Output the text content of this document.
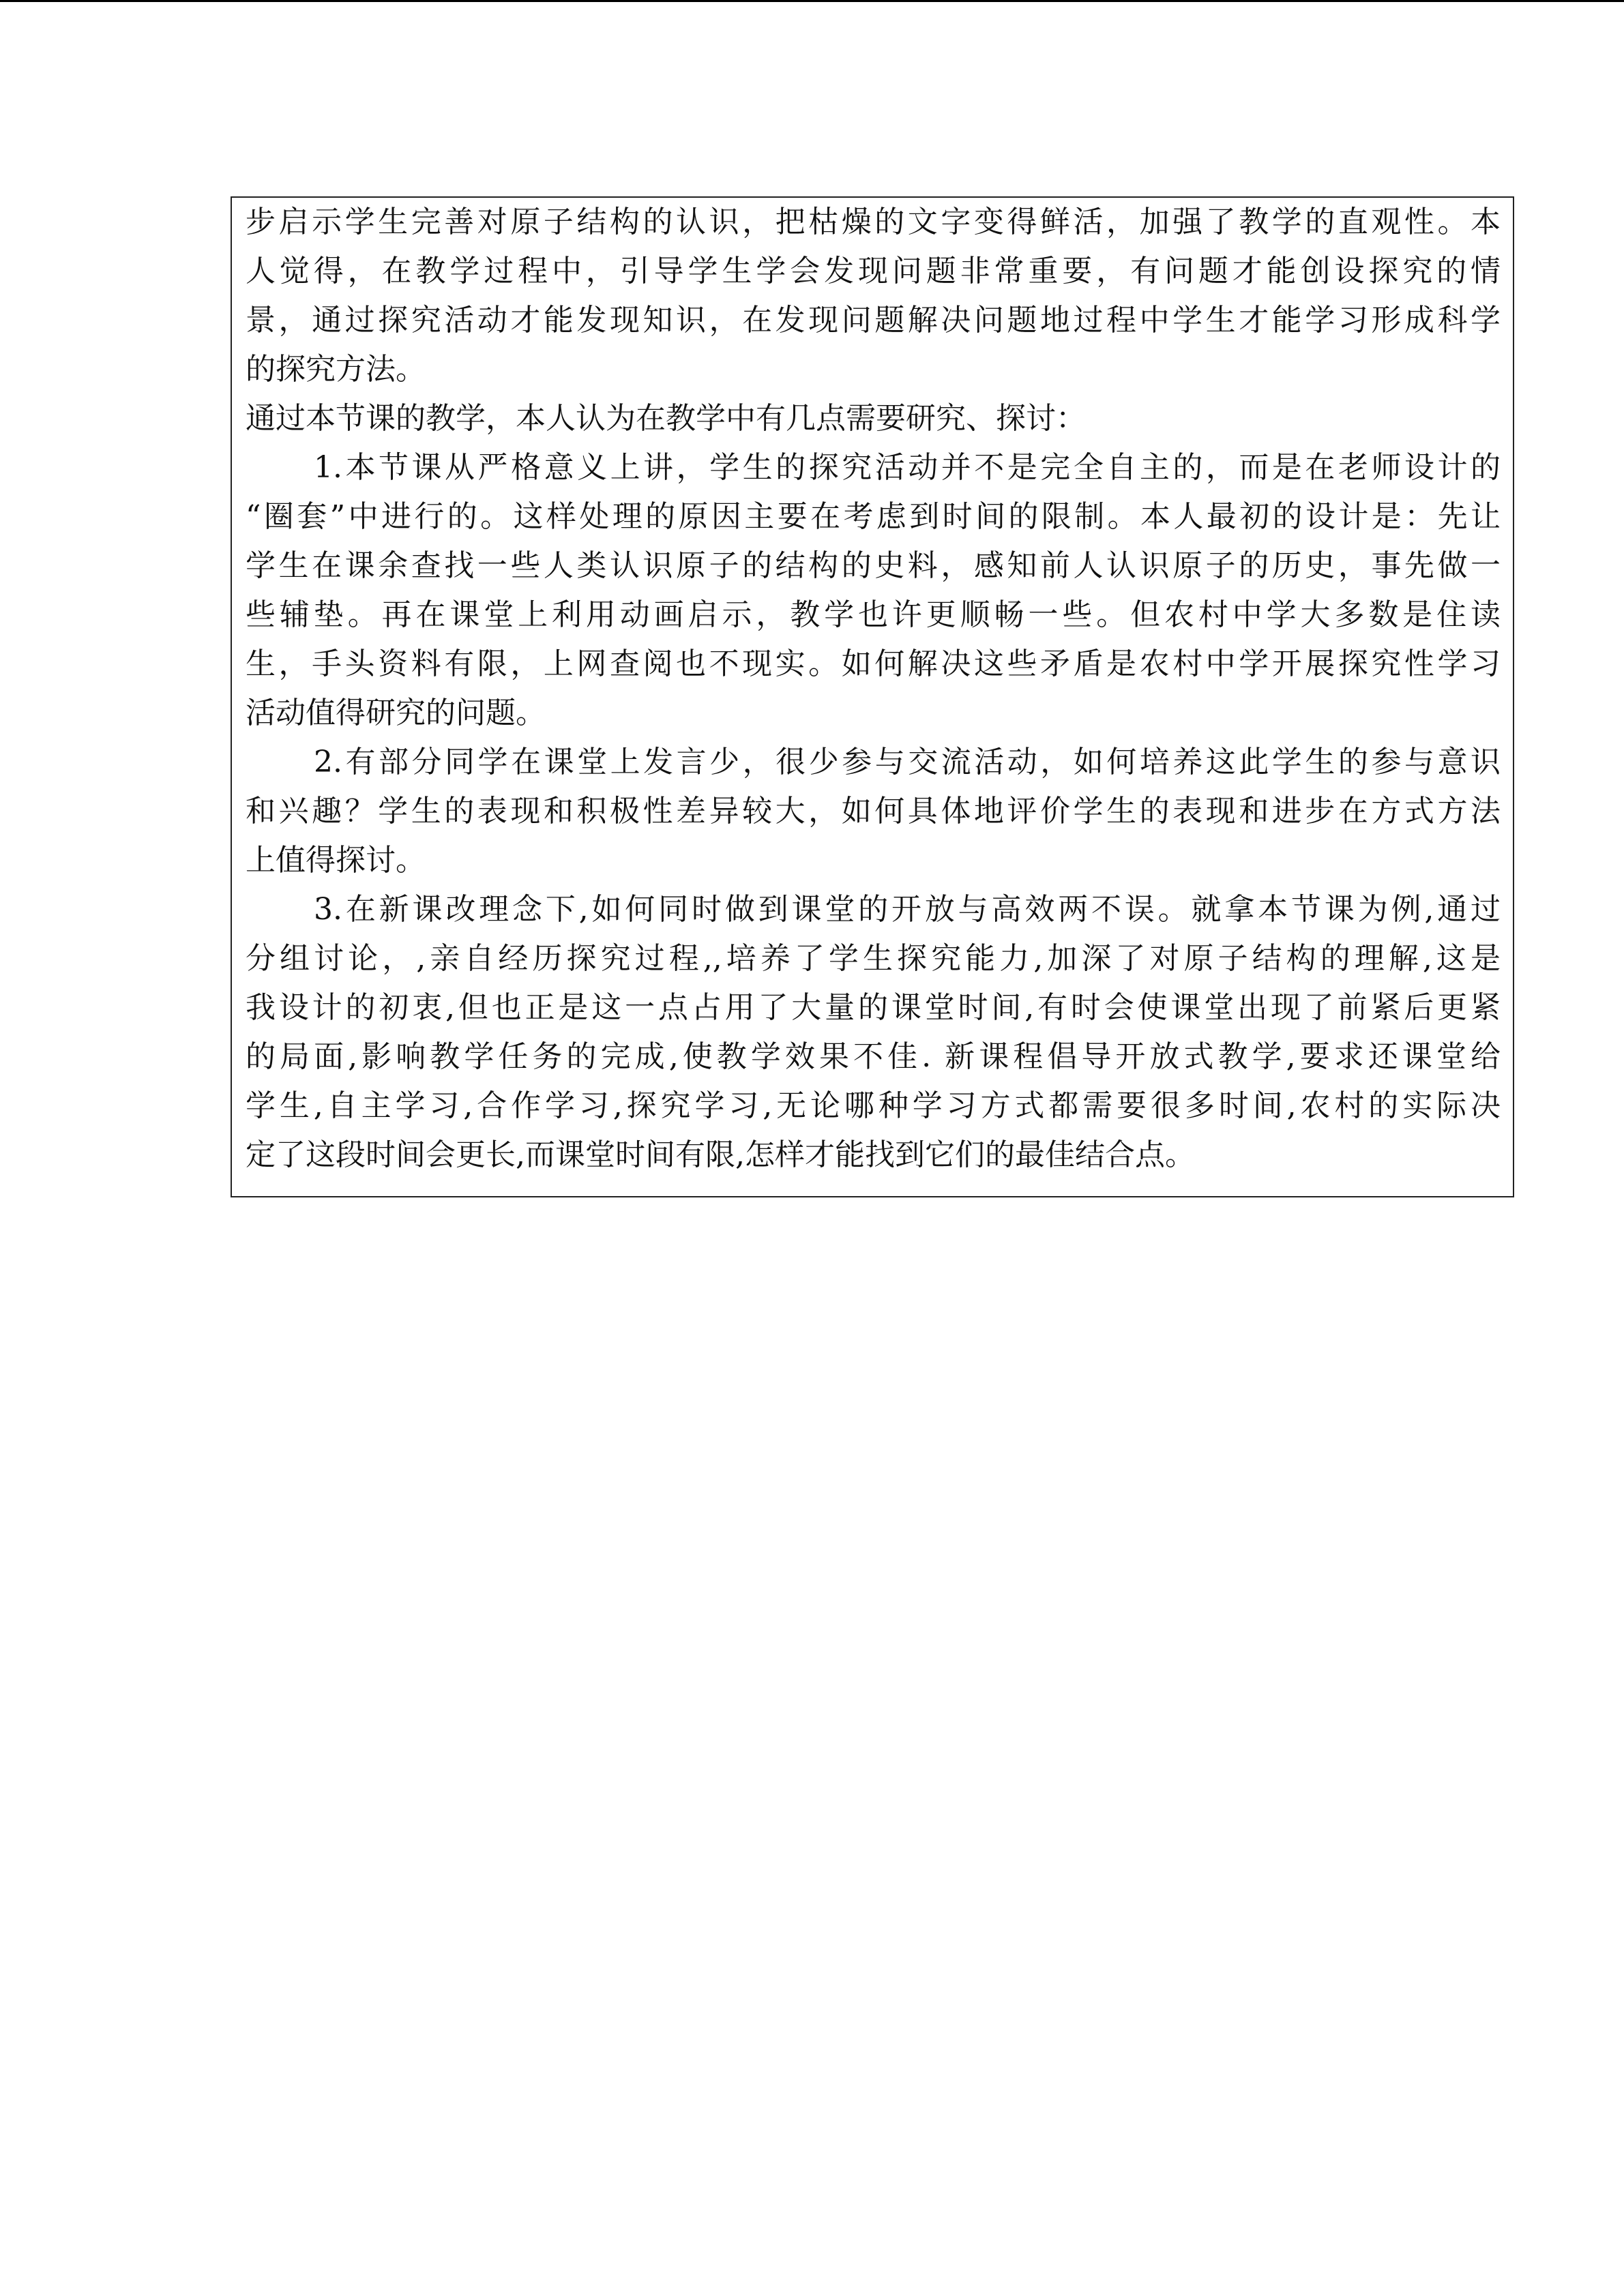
步启示学生完善对原子结构的认识，把枯燥的文字变得鲜活，加强了教学的直观性。本
人觉得，在教学过程中，引导学生学会发现问题非常重要，有问题才能创设探究的情
景，通过探究活动才能发现知识，在发现问题解决问题地过程中学生才能学习形成科学
的探究方法。
通过本节课的教学，本人认为在教学中有几点需要研究、探讨：
1.本节课从严格意义上讲，学生的探究活动并不是完全自主的，而是在老师设计的
“圈套”中进行的。这样处理的原因主要在考虑到时间的限制。本人最初的设计是：先让
学生在课余查找一些人类认识原子的结构的史料，感知前人认识原子的历史，事先做一
些辅垫。再在课堂上利用动画启示，教学也许更顺畅一些。但农村中学大多数是住读
生，手头资料有限，上网查阅也不现实。如何解决这些矛盾是农村中学开展探究性学习
活动值得研究的问题。
2.有部分同学在课堂上发言少，很少参与交流活动，如何培养这此学生的参与意识
和兴趣？学生的表现和积极性差异较大，如何具体地评价学生的表现和进步在方式方法
上值得探讨。
3.在新课改理念下,如何同时做到课堂的开放与高效两不误。就拿本节课为例,通过
分组讨论，,亲自经历探究过程,,培养了学生探究能力,加深了对原子结构的理解,这是
我设计的初衷,但也正是这一点占用了大量的课堂时间,有时会使课堂出现了前紧后更紧
的局面,影响教学任务的完成,使教学效果不佳. 新课程倡导开放式教学,要求还课堂给
学生,自主学习,合作学习,探究学习,无论哪种学习方式都需要很多时间,农村的实际决
定了这段时间会更长,而课堂时间有限,怎样才能找到它们的最佳结合点。
